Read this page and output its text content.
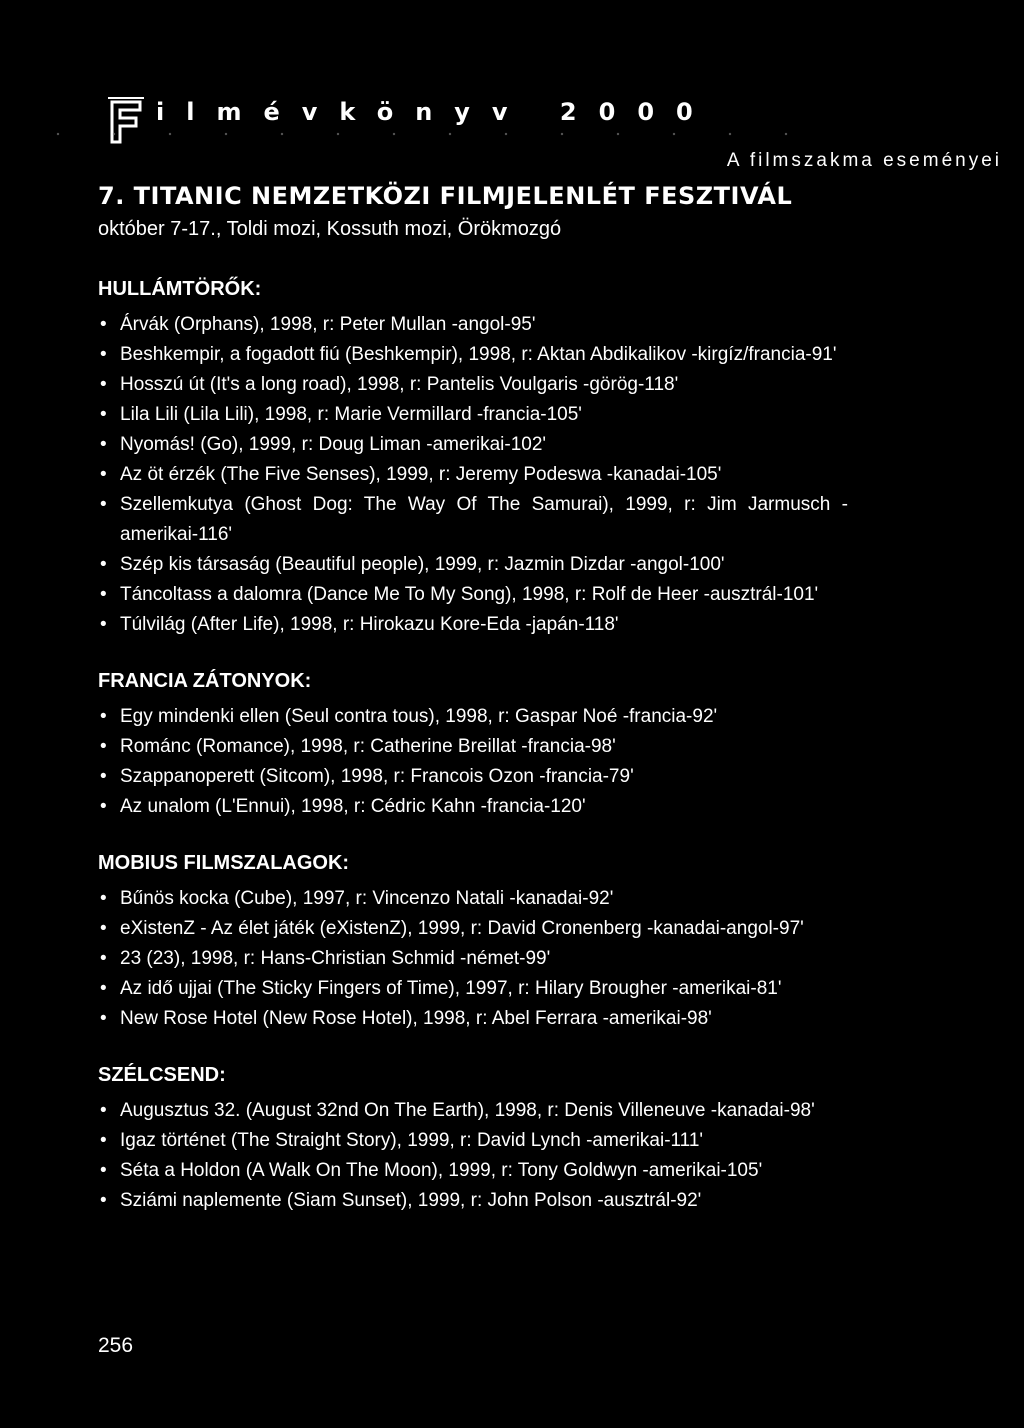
ilmévkönyv 2000
A filmszakma eseményei
7. TITANIC NEMZETKÖZI FILMJELENLÉT FESZTIVÁL
október 7-17., Toldi mozi, Kossuth mozi, Örökmozgó
HULLÁMTÖRŐK:
• Árvák (Orphans), 1998, r: Peter Mullan -angol-95'
• Beshkempir, a fogadott fiú (Beshkempir), 1998, r: Aktan Abdikalikov -kirgíz/francia-91'
• Hosszú út (It's a long road), 1998, r: Pantelis Voulgaris -görög-118'
• Lila Lili (Lila Lili), 1998, r: Marie Vermillard -francia-105'
• Nyomás! (Go), 1999, r: Doug Liman -amerikai-102'
• Az öt érzék (The Five Senses), 1999, r: Jeremy Podeswa -kanadai-105'
• Szellemkutya (Ghost Dog: The Way Of The Samurai), 1999, r: Jim Jarmusch -amerikai-116'
• Szép kis társaság (Beautiful people), 1999, r: Jazmin Dizdar -angol-100'
• Táncoltass a dalomra (Dance Me To My Song), 1998, r: Rolf de Heer -ausztrál-101'
• Túlvilág (After Life), 1998, r: Hirokazu Kore-Eda -japán-118'
FRANCIA ZÁTONYOK:
• Egy mindenki ellen (Seul contra tous), 1998, r: Gaspar Noé -francia-92'
• Románc (Romance), 1998, r: Catherine Breillat -francia-98'
• Szappanoperett (Sitcom), 1998, r: Francois Ozon -francia-79'
• Az unalom (L'Ennui), 1998, r: Cédric Kahn -francia-120'
MOBIUS FILMSZALAGOK:
• Bűnös kocka (Cube), 1997, r: Vincenzo Natali -kanadai-92'
• eXistenZ - Az élet játék (eXistenZ), 1999, r: David Cronenberg -kanadai-angol-97'
• 23 (23), 1998, r: Hans-Christian Schmid -német-99'
• Az idő ujjai (The Sticky Fingers of Time), 1997, r: Hilary Brougher -amerikai-81'
• New Rose Hotel (New Rose Hotel), 1998, r: Abel Ferrara -amerikai-98'
SZÉLCSEND:
• Augusztus 32. (August 32nd On The Earth), 1998, r: Denis Villeneuve -kanadai-98'
• Igaz történet (The Straight Story), 1999, r: David Lynch -amerikai-111'
• Séta a Holdon (A Walk On The Moon), 1999, r: Tony Goldwyn -amerikai-105'
• Sziámi naplemente (Siam Sunset), 1999, r: John Polson -ausztrál-92'
256
